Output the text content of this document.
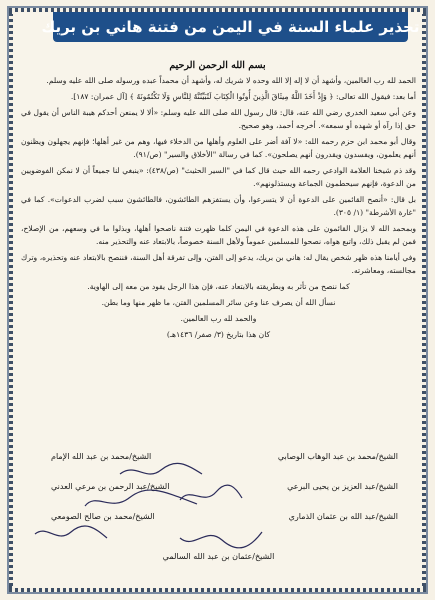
تحذير علماء السنة في اليمن من فتنة هاني بن بريك
بسم الله الرحمن الرحيم

الحمد لله رب العالمين، وأشهد أن لا إله إلا الله وحده لا شريك له، وأشهد أن محمداً عبده ورسوله صلى الله عليه وسلم.

أما بعد: فيقول الله تعالى: ﴿ وَإِذْ أَخَذَ اللَّهُ مِيثَاقَ الَّذِينَ أُوتُوا الْكِتَابَ لَتُبَيِّنُنَّهُ لِلنَّاسِ وَلَا تَكْتُمُونَهُ ﴾ [آل عمران: ١٨٧].

وعن أبي سعيد الخدري رضي الله عنه، قال: قال رسول الله صلى الله عليه وسلم: «ألا لا يمنعن أحدكم هيبة الناس أن يقول في حق إذا رآه أو شهده أو سمعه». أخرجه أحمد، وهو صحيح.

وقال أبو محمد ابن حزم رحمه الله: «لا آفة أضر على العلوم وأهلها من الدخلاء فيها، وهم من غير أهلها؛ فإنهم يجهلون ويظنون أنهم يعلمون، ويفسدون ويقدرون أنهم يصلحون». كما في رسالة "الأخلاق والسير" (ص/٩١).

وقد ذم شيخنا العلامة الوادعي رحمه الله حيث قال كما في "السير الحثيث" (ص/٤٣٨): «ينبغي لنا جميعاً أن لا نمكن الفوضويين من الدعوة، فإنهم سيحطمون الجماعة ويستذلونهم».

بل قال: «أنصح القائمين على الدعوة أن لا يتسرعوا، وأن يستفزهم الطائشون، فالطائشون سبب لضرب الدعوات». كما في "غارة الأشرطة" (١/ ٣٠٥).

وبمحمد الله لا يزال القائمون على هذه الدعوة في اليمن كلما ظهرت فتنة ناصحوا أهلها، وبذلوا ما في وسعهم، من الإصلاح، فمن لم يقبل ذلك، واتبع هواه، نصحوا للمسلمين عموماً ولأهل السنة خصوصاً، بالابتعاد عنه والتحذير منه.

وفي أيامنا هذه ظهر شخص يقال له: هاني بن بريك، يدعو إلى الفتن، وإلى تفرقة أهل السنة، فننصح بالابتعاد عنه وتحذيره، وترك مجالسته، ومعاشرته.

كما ننصح من تأثر به وبطريقته بالابتعاد عنه، فإن هذا الرجل يقود من معه إلى الهاوية.

نسأل الله أن يصرف عنا وعن سائر المسلمين الفتن، ما ظهر منها وما بطن.

والحمد لله رب العالمين.

كان هذا بتاريخ (٣/ صفر/ ١٤٣٦هـ)

الشيخ/محمد بن عبد الوهاب الوصابي
الشيخ/محمد بن عبد الله الإمام
الشيخ/عبد العزيز بن يحيى البرعي
الشيخ/عبد الرحمن بن مرعي العدني
الشيخ/عبد الله بن عثمان الذماري
الشيخ/محمد بن صالح الصومعي
الشيخ/عثمان بن عبد الله السالمي
